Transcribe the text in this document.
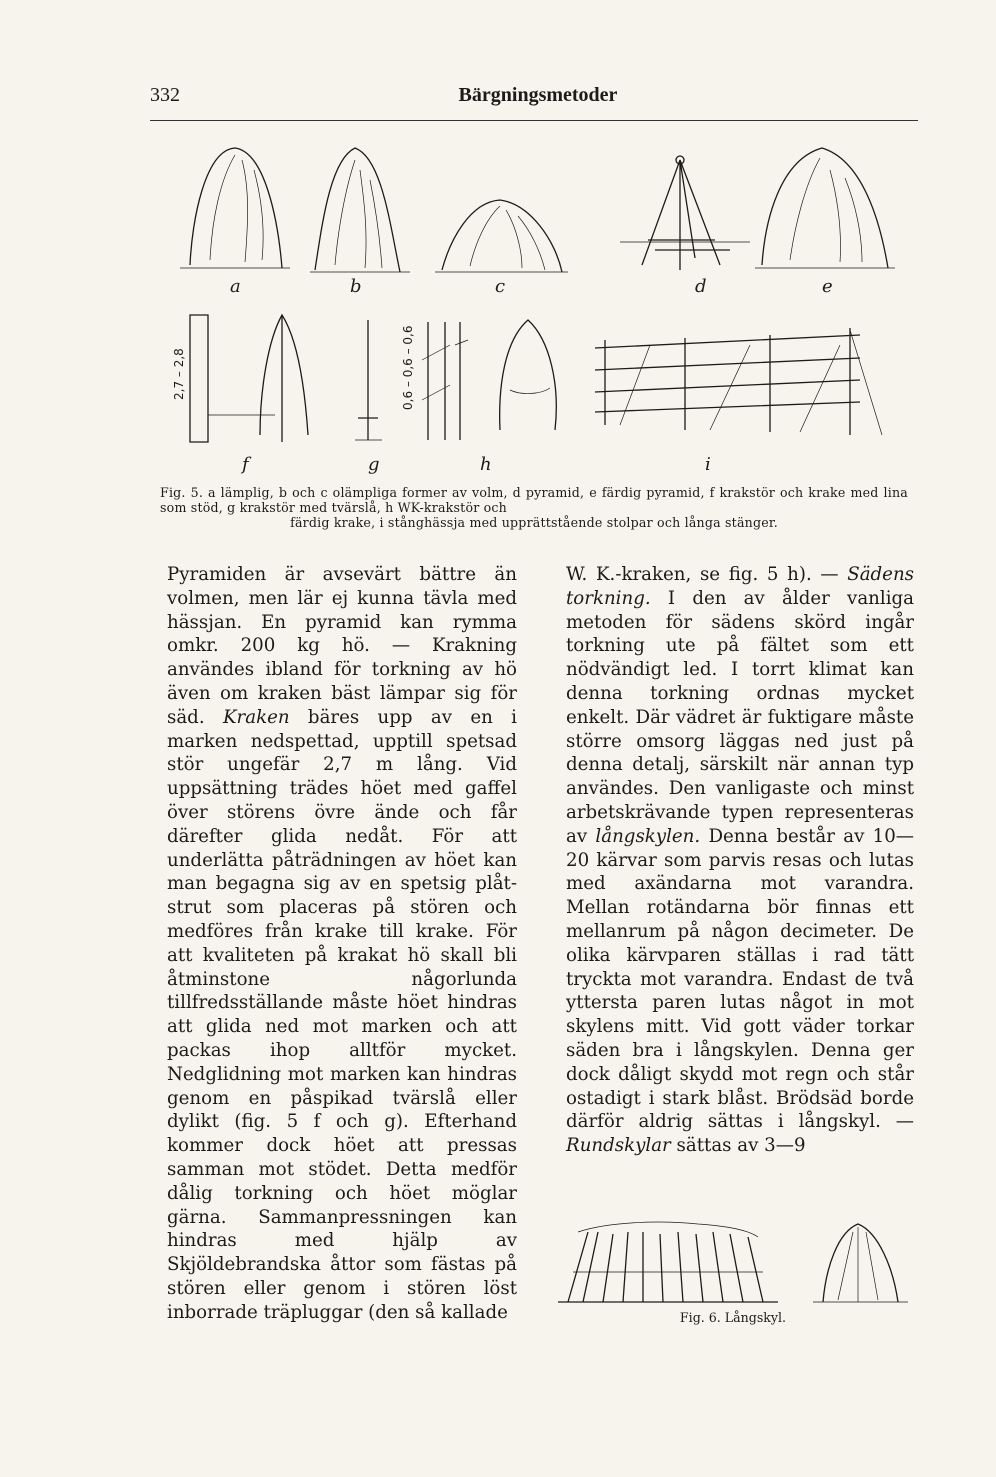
332	Bärgningsmetoder
a	b	c	d	e
2,7 – 2,8	0,6 – 0,6 – 0,6
f	g	h	i
Fig. 5. a lämplig, b och c olämpliga former av volm, d pyramid, e färdig pyramid, f krakstör och krake med lina som stöd, g krakstör med tvärslå, h WK-krakstör och
färdig krake, i stånghässja med upprättstående stolpar och långa stänger.

Pyramiden är avsevärt bättre än volmen, men lär ej kunna tävla med hässjan. En pyramid kan rymma omkr. 200 kg hö. — Krakning användes ibland för torkning av hö även om kraken bäst lämpar sig för säd. Kraken bäres upp av en i marken nedspettad, upptill spetsad stör ungefär 2,7 m lång. Vid uppsättning trädes höet med gaffel över störens övre ände och får därefter glida nedåt. För att underlätta påträdningen av höet kan man begagna sig av en spetsig plåt-strut som placeras på stören och medföres från krake till krake. För att kvaliteten på krakat hö skall bli åtminstone någorlunda tillfredsställande måste höet hindras att glida ned mot marken och att packas ihop alltför mycket. Nedglidning mot marken kan hindras genom en påspikad tvärslå eller dylikt (fig. 5 f och g). Efterhand kommer dock höet att pressas samman mot stödet. Detta medför dålig torkning och höet möglar gärna. Sammanpressningen kan hindras med hjälp av Skjöldebrandska åttor som fästas på stören eller genom i stören löst inborrade träpluggar (den så kallade

W. K.-kraken, se fig. 5 h). — Sädens torkning. I den av ålder vanliga metoden för sädens skörd ingår torkning ute på fältet som ett nödvändigt led. I torrt klimat kan denna torkning ordnas mycket enkelt. Där vädret är fuktigare måste större omsorg läggas ned just på denna detalj, särskilt när annan typ användes. Den vanligaste och minst arbetskrävande typen representeras av långskylen. Denna består av 10—20 kärvar som parvis resas och lutas med axändarna mot varandra. Mellan rotändarna bör finnas ett mellanrum på någon decimeter. De olika kärvparen ställas i rad tätt tryckta mot varandra. Endast de två yttersta paren lutas något in mot skylens mitt. Vid gott väder torkar säden bra i långskylen. Denna ger dock dåligt skydd mot regn och står ostadigt i stark blåst. Brödsäd borde därför aldrig sättas i långskyl. — Rundskylar sättas av 3—9

Fig. 6. Långskyl.
